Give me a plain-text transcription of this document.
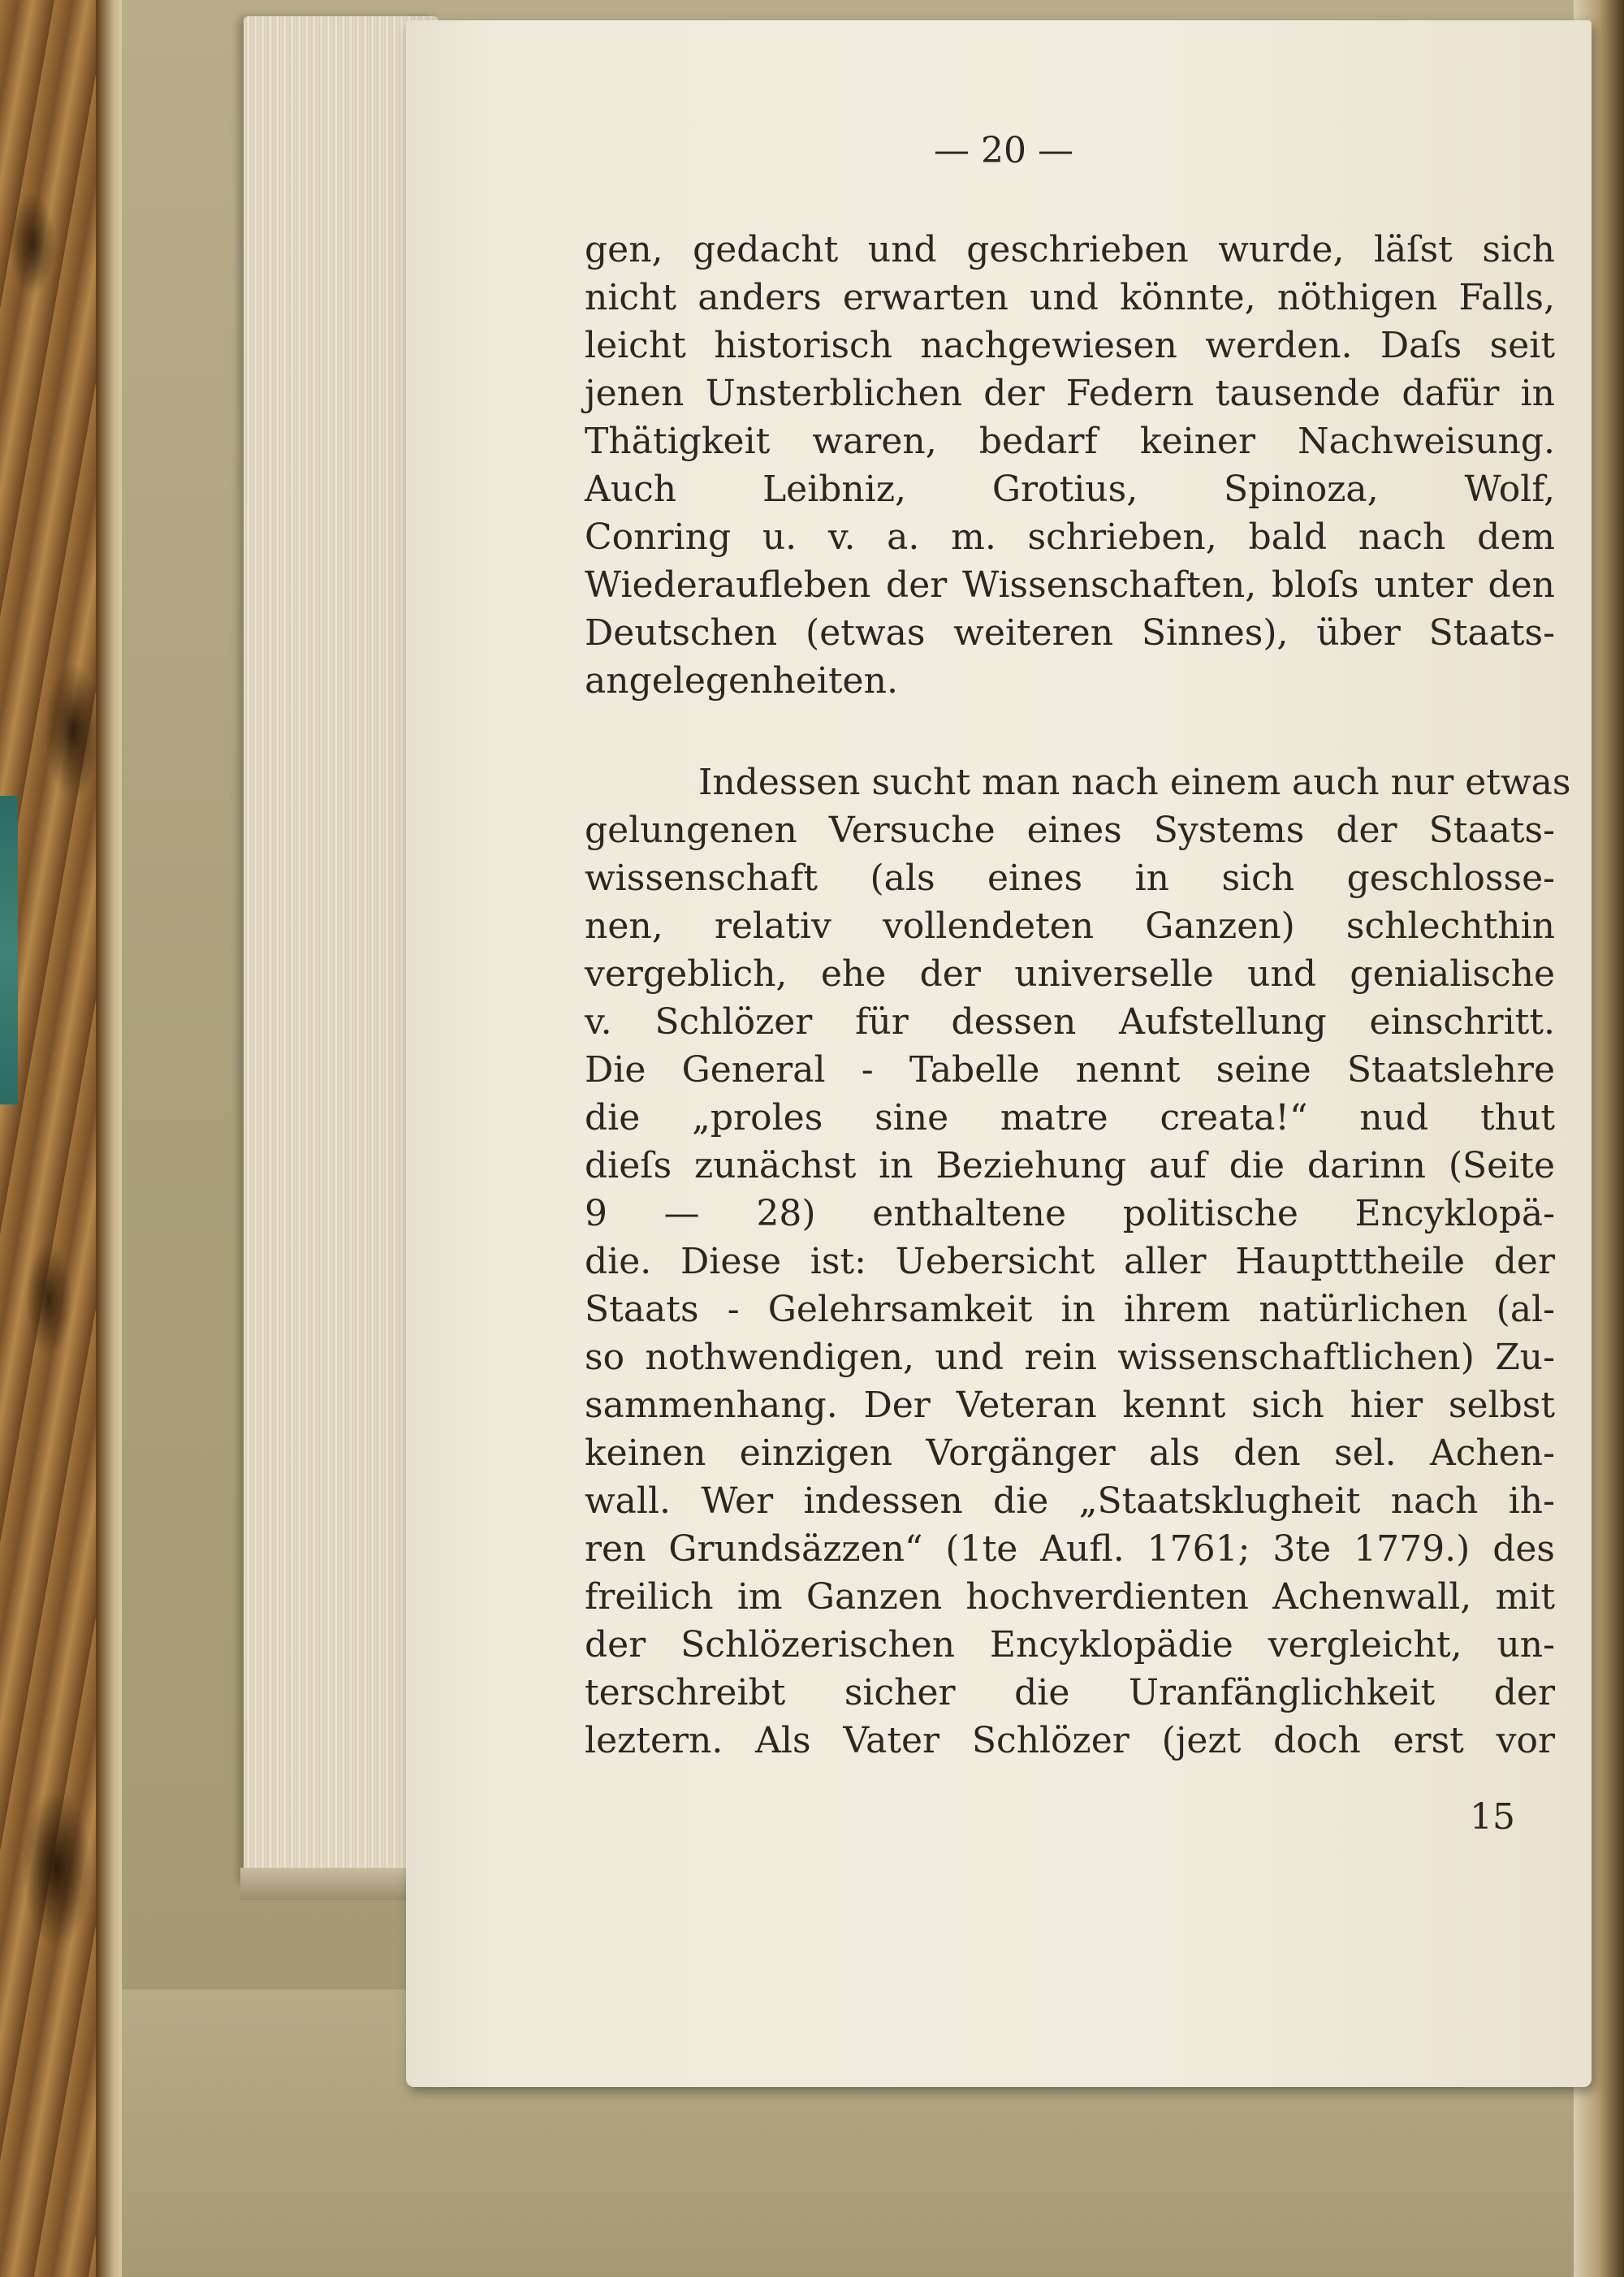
— 20 —
gen, gedacht und geschrieben wurde, läſst sich
nicht anders erwarten und könnte, nöthigen Falls,
leicht historisch nachgewiesen werden. Daſs seit
jenen Unsterblichen der Federn tausende dafür in
Thätigkeit waren, bedarf keiner Nachweisung.
Auch Leibniz, Grotius, Spinoza, Wolf,
Conring u. v. a. m. schrieben, bald nach dem
Wiederaufleben der Wissenschaften, bloſs unter den
Deutschen (etwas weiteren Sinnes), über Staats-
angelegenheiten.
Indessen sucht man nach einem auch nur etwas
gelungenen Versuche eines Systems der Staats-
wissenschaft (als eines in sich geschlosse-
nen, relativ vollendeten Ganzen) schlechthin
vergeblich, ehe der universelle und genialische
v. Schlözer für dessen Aufstellung einschritt.
Die General - Tabelle nennt seine Staatslehre
die „proles sine matre creata!“ nud thut
dieſs zunächst in Beziehung auf die darinn (Seite
9 — 28) enthaltene politische Encyklopä-
die. Diese ist: Uebersicht aller Hauptttheile der
Staats - Gelehrsamkeit in ihrem natürlichen (al-
so nothwendigen, und rein wissenschaftlichen) Zu-
sammenhang. Der Veteran kennt sich hier selbst
keinen einzigen Vorgänger als den sel. Achen-
wall. Wer indessen die „Staatsklugheit nach ih-
ren Grundsäzzen“ (1te Aufl. 1761; 3te 1779.) des
freilich im Ganzen hochverdienten Achenwall, mit
der Schlözerischen Encyklopädie vergleicht, un-
terschreibt sicher die Uranfänglichkeit der
leztern. Als Vater Schlözer (jezt doch erst vor
15
